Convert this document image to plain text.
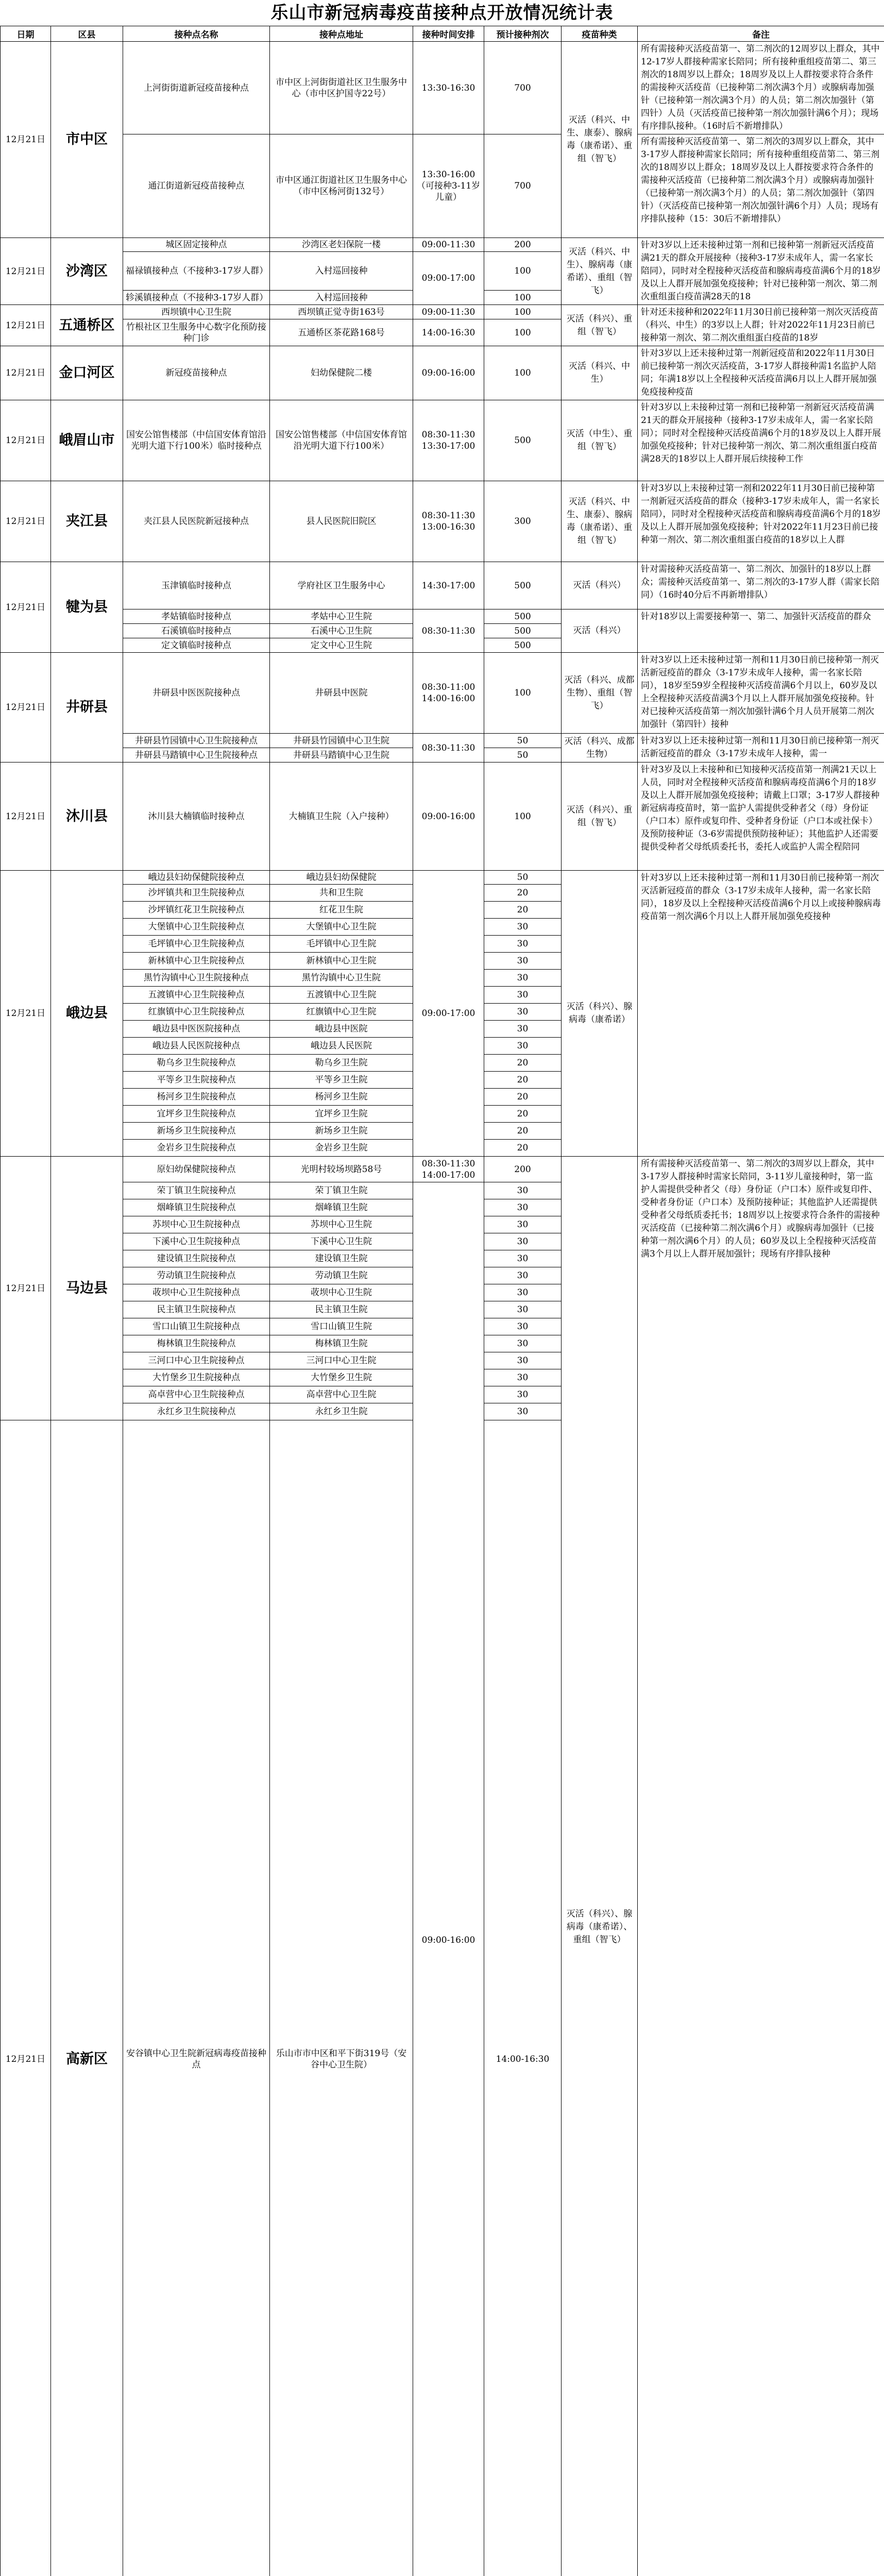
乐山市新冠病毒疫苗接种点开放情况统计表
日期	区县	接种点名称	接种点地址	接种时间安排	预计接种剂次	疫苗种类	备注	
12月21日	市中区	上河街街道新冠疫苗接种点	市中区上河街街道社区卫生服务中心（市中区护国寺22号）	13:30-16:30	700	灭活（科兴、中生、康泰）、腺病毒（康希诺）、重组（智飞）	所有需接种灭活疫苗第一、第二剂次的12周岁以上群众，其中12-17岁人群接种需家长陪同；所有接种重组疫苗第二、第三剂次的18周岁以上群众；18周岁及以上人群按要求符合条件的需接种灭活疫苗（已接种第二剂次满3个月）或腺病毒加强针（已接种第一剂次满3个月）的人员；第二剂次加强针（第四针）人员（灭活疫苗已接种第一剂次加强针满6个月）；现场有序排队接种。（16时后不新增排队）	
		通江街道新冠疫苗接种点	市中区通江街道社区卫生服务中心（市中区杨河街132号）	13:30-16:00（可接种3-11岁儿童）	700		所有需接种灭活疫苗第一、第二剂次的3周岁以上群众，其中3-17岁人群接种需家长陪同；所有接种重组疫苗第二、第三剂次的18周岁以上群众；18周岁及以上人群按要求符合条件的需接种灭活疫苗（已接种第二剂次满3个月）或腺病毒加强针（已接种第一剂次满3个月）的人员；第二剂次加强针（第四针）（灭活疫苗已接种第一剂次加强针满6个月）人员；现场有序排队接种（15：30后不新增排队）	
12月21日	沙湾区	城区固定接种点	沙湾区老妇保院一楼	09:00-11:30	200	灭活（科兴、中生）、腺病毒（康希诺）、重组（智飞）	针对3岁以上还未接种过第一剂和已接种第一剂新冠灭活疫苗满21天的群众开展接种（接种3-17岁未成年人，需一名家长陪同），同时对全程接种灭活疫苗和腺病毒疫苗满6个月的18岁及以上人群开展加强免疫接种；针对已接种第一剂次、第二剂次重组蛋白疫苗满28天的18	
		福禄镇接种点（不接种3-17岁人群）	入村巡回接种	09:00-17:00	100			
		轸溪镇接种点（不接种3-17岁人群）	入村巡回接种		100			
12月21日	五通桥区	西坝镇中心卫生院	西坝镇正觉寺街163号	09:00-11:30	100	灭活（科兴）、重组（智飞）	针对还未接种和2022年11月30日前已接种第一剂次灭活疫苗（科兴、中生）的3岁以上人群；针对2022年11月23日前已接种第一剂次、第二剂次重组蛋白疫苗的18岁	
		竹根社区卫生服务中心数字化预防接种门诊	五通桥区茶花路168号	14:00-16:30	100			
12月21日	金口河区	新冠疫苗接种点	妇幼保健院二楼	09:00-16:00	100	灭活（科兴、中生）	针对3岁以上还未接种过第一剂新冠疫苗和2022年11月30日前已接种第一剂次灭活疫苗，3-17岁人群接种需1名监护人陪同；年满18岁以上全程接种灭活疫苗满6月以上人群开展加强免疫接种疫苗	
12月21日	峨眉山市	国安公馆售楼部（中信国安体育馆沿光明大道下行100米）临时接种点	国安公馆售楼部（中信国安体育馆沿光明大道下行100米）	08:30-11:30 13:30-17:00	500	灭活（中生）、重组（智飞）	针对3岁以上未接种过第一剂和已接种第一剂新冠灭活疫苗满21天的群众开展接种（接种3-17岁未成年人，需一名家长陪同）；同时对全程接种灭活疫苗满6个月的18岁及以上人群开展加强免疫接种；针对已接种第一剂次、第二剂次重组蛋白疫苗满28天的18岁以上人群开展后续接种工作	
12月21日	夹江县	夹江县人民医院新冠接种点	县人民医院旧院区	08:30-11:30 13:00-16:30	300	灭活（科兴、中生、康泰）、腺病毒（康希诺）、重组（智飞）	针对3岁以上未接种过第一剂和2022年11月30日前已接种第一剂新冠灭活疫苗的群众（接种3-17岁未成年人，需一名家长陪同），同时对全程接种灭活疫苗和腺病毒疫苗满6个月的18岁及以上人群开展加强免疫接种；针对2022年11月23日前已接种第一剂次、第二剂次重组蛋白疫苗的18岁以上人群	
12月21日	犍为县	玉津镇临时接种点	学府社区卫生服务中心	14:30-17:00	500	灭活（科兴）	针对需接种灭活疫苗第一、第二剂次、加强针的18岁以上群众；需接种灭活疫苗第一、第二剂次的3-17岁人群（需家长陪同）（16时40分后不再新增排队）	
		孝姑镇临时接种点	孝姑中心卫生院	08:30-11:30	500	灭活（科兴）	针对18岁以上需要接种第一、第二、加强针灭活疫苗的群众	
		石溪镇临时接种点	石溪中心卫生院		500			
		定文镇临时接种点	定文中心卫生院		500			
12月21日	井研县	井研县中医医院接种点	井研县中医院	08:30-11:00 14:00-16:00	100	灭活（科兴、成都生物）、重组（智飞）	针对3岁以上还未接种过第一剂和11月30日前已接种第一剂灭活新冠疫苗的群众（3-17岁未成年人接种，需一名家长陪同），18岁至59岁全程接种灭活疫苗满6个月以上，60岁及以上全程接种灭活疫苗满3个月以上人群开展加强免疫接种。针对已接种灭活疫苗第一剂次加强针满6个月人员开展第二剂次加强针（第四针）接种	
		井研县竹园镇中心卫生院接种点	井研县竹园镇中心卫生院	08:30-11:30	50	灭活（科兴、成都生物）	针对3岁以上还未接种过第一剂和11月30日前已接种第一剂灭活新冠疫苗的群众（3-17岁未成年人接种，需一	
		井研县马踏镇中心卫生院接种点	井研县马踏镇中心卫生院		50			
12月21日	沐川县	沐川县大楠镇临时接种点	大楠镇卫生院（入户接种）	09:00-16:00	100	灭活（科兴）、重组（智飞）	针对3岁及以上未接种和已知接种灭活疫苗第一剂满21天以上人员，同时对全程接种灭活疫苗和腺病毒疫苗满6个月的18岁及以上人群开展加强免疫接种；请戴上口罩；3-17岁人群接种新冠病毒疫苗时，第一监护人需提供受种者父（母）身份证（户口本）原件或复印件、受种者身份证（户口本或社保卡）及预防接种证（3-6岁需提供预防接种证）；其他监护人还需要提供受种者父母纸质委托书，委托人或监护人需全程陪同	
12月21日	峨边县	峨边县妇幼保健院接种点	峨边县妇幼保健院	09:00-17:00	50	灭活（科兴）、腺病毒（康希诺）	针对3岁以上还未接种过第一剂和11月30日前已接种第一剂次灭活新冠疫苗的群众（3-17岁未成年人接种，需一名家长陪同），18岁及以上全程接种灭活疫苗满6个月以上或接种腺病毒疫苗第一剂次满6个月以上人群开展加强免疫接种	
		沙坪镇共和卫生院接种点	共和卫生院		20			
		沙坪镇红花卫生院接种点	红花卫生院		20			
		大堡镇中心卫生院接种点	大堡镇中心卫生院		30			
		毛坪镇中心卫生院接种点	毛坪镇中心卫生院		30			
		新林镇中心卫生院接种点	新林镇中心卫生院		30			
		黑竹沟镇中心卫生院接种点	黑竹沟镇中心卫生院		30			
		五渡镇中心卫生院接种点	五渡镇中心卫生院		30			
		红旗镇中心卫生院接种点	红旗镇中心卫生院		30			
		峨边县中医医院接种点	峨边县中医院		30			
		峨边县人民医院接种点	峨边县人民医院		30			
		勒乌乡卫生院接种点	勒乌乡卫生院		20			
		平等乡卫生院接种点	平等乡卫生院		20			
		杨河乡卫生院接种点	杨河乡卫生院		20			
		宜坪乡卫生院接种点	宜坪乡卫生院		20			
		新场乡卫生院接种点	新场乡卫生院		20			
		金岩乡卫生院接种点	金岩乡卫生院		20			
12月21日	马边县	原妇幼保健院接种点	光明村较场坝路58号	08:30-11:30 14:00-17:00	200	灭活（科兴）、腺病毒（康希诺）、重组（智飞）	所有需接种灭活疫苗第一、第二剂次的3周岁以上群众，其中3-17岁人群接种时需家长陪同，3-11岁儿童接种时，第一监护人需提供受种者父（母）身份证（户口本）原件或复印件、受种者身份证（户口本）及预防接种证；其他监护人还需提供受种者父母纸质委托书；18周岁以上按要求符合条件的需接种灭活疫苗（已接种第二剂次满6个月）或腺病毒加强针（已接种第一剂次满6个月）的人员；60岁及以上全程接种灭活疫苗满3个月以上人群开展加强针；现场有序排队接种	
		荣丁镇卫生院接种点	荣丁镇卫生院	09:00-16:00	30			
		烟峰镇卫生院接种点	烟峰镇卫生院		30			
		苏坝中心卫生院接种点	苏坝中心卫生院		30			
		下溪中心卫生院接种点	下溪中心卫生院		30			
		建设镇卫生院接种点	建设镇卫生院		30			
		劳动镇卫生院接种点	劳动镇卫生院		30			
		荍坝中心卫生院接种点	荍坝中心卫生院		30			
		民主镇卫生院接种点	民主镇卫生院		30			
		雪口山镇卫生院接种点	雪口山镇卫生院		30			
		梅林镇卫生院接种点	梅林镇卫生院		30			
		三河口中心卫生院接种点	三河口中心卫生院		30			
		大竹堡乡卫生院接种点	大竹堡乡卫生院		30			
		高卓营中心卫生院接种点	高卓营中心卫生院		30			
		永红乡卫生院接种点	永红乡卫生院		30			
12月21日	高新区	安谷镇中心卫生院新冠病毒疫苗接种点	乐山市市中区和平下街319号（安谷中心卫生院）		14:00-16:30			
